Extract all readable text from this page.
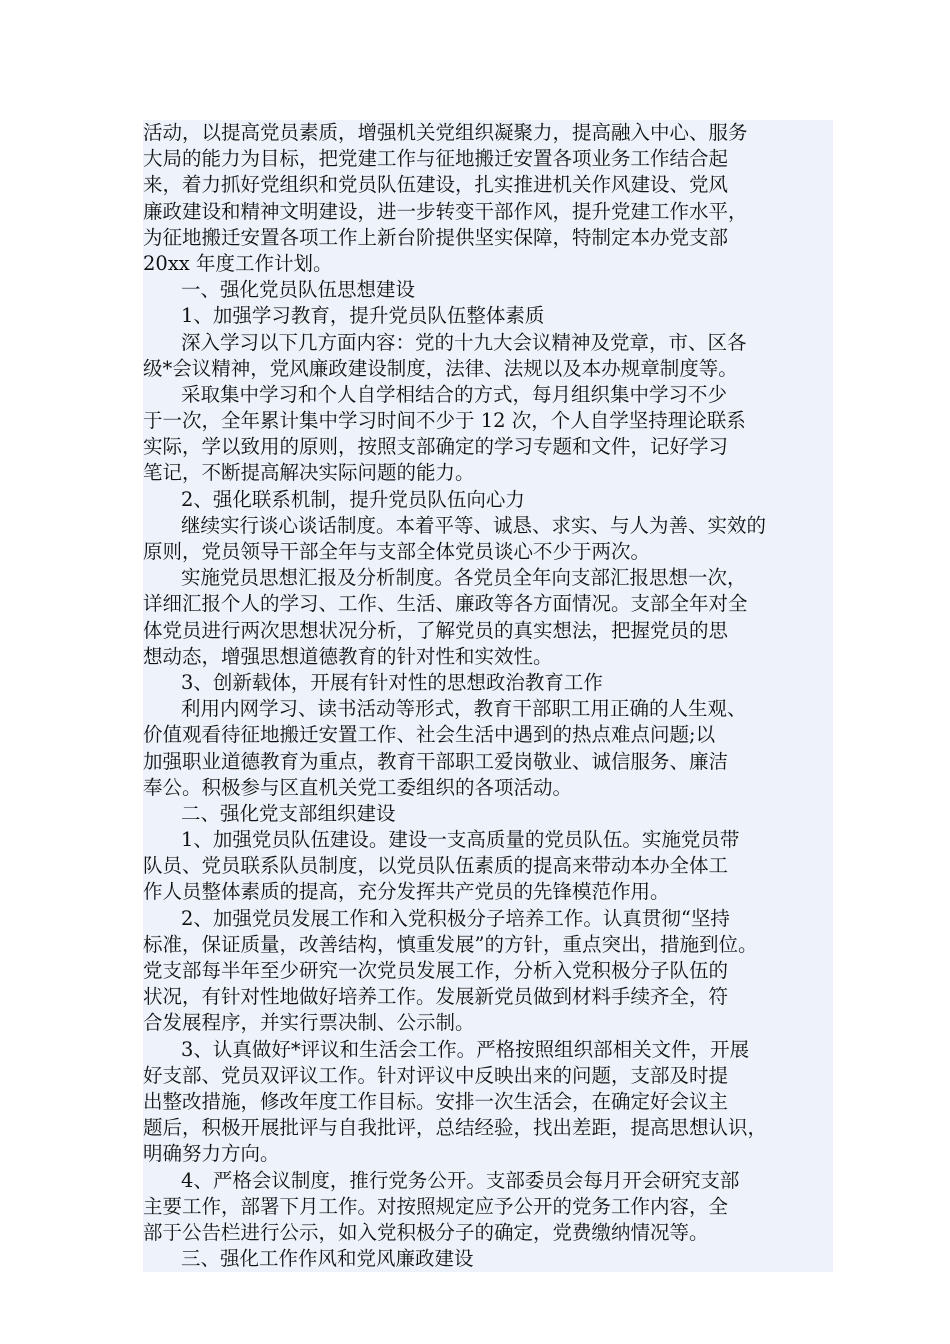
活动，以提高党员素质，增强机关党组织凝聚力，提高融入中心、服务
大局的能力为目标，把党建工作与征地搬迁安置各项业务工作结合起
来，着力抓好党组织和党员队伍建设，扎实推进机关作风建设、党风
廉政建设和精神文明建设，进一步转变干部作风，提升党建工作水平，
为征地搬迁安置各项工作上新台阶提供坚实保障，特制定本办党支部
20xx 年度工作计划。
一、强化党员队伍思想建设
1、加强学习教育，提升党员队伍整体素质
深入学习以下几方面内容：党的十九大会议精神及党章，市、区各
级*会议精神，党风廉政建设制度，法律、法规以及本办规章制度等。
采取集中学习和个人自学相结合的方式，每月组织集中学习不少
于一次，全年累计集中学习时间不少于 12 次，个人自学坚持理论联系
实际，学以致用的原则，按照支部确定的学习专题和文件，记好学习
笔记，不断提高解决实际问题的能力。
2、强化联系机制，提升党员队伍向心力
继续实行谈心谈话制度。本着平等、诚恳、求实、与人为善、实效的
原则，党员领导干部全年与支部全体党员谈心不少于两次。
实施党员思想汇报及分析制度。各党员全年向支部汇报思想一次，
详细汇报个人的学习、工作、生活、廉政等各方面情况。支部全年对全
体党员进行两次思想状况分析，了解党员的真实想法，把握党员的思
想动态，增强思想道德教育的针对性和实效性。
3、创新载体，开展有针对性的思想政治教育工作
利用内网学习、读书活动等形式，教育干部职工用正确的人生观、
价值观看待征地搬迁安置工作、社会生活中遇到的热点难点问题;以
加强职业道德教育为重点，教育干部职工爱岗敬业、诚信服务、廉洁
奉公。积极参与区直机关党工委组织的各项活动。
二、强化党支部组织建设
1、加强党员队伍建设。建设一支高质量的党员队伍。实施党员带
队员、党员联系队员制度，以党员队伍素质的提高来带动本办全体工
作人员整体素质的提高，充分发挥共产党员的先锋模范作用。
2、加强党员发展工作和入党积极分子培养工作。认真贯彻“坚持
标准，保证质量，改善结构，慎重发展”的方针，重点突出，措施到位。
党支部每半年至少研究一次党员发展工作，分析入党积极分子队伍的
状况，有针对性地做好培养工作。发展新党员做到材料手续齐全，符
合发展程序，并实行票决制、公示制。
3、认真做好*评议和生活会工作。严格按照组织部相关文件，开展
好支部、党员双评议工作。针对评议中反映出来的问题，支部及时提
出整改措施，修改年度工作目标。安排一次生活会，在确定好会议主
题后，积极开展批评与自我批评，总结经验，找出差距，提高思想认识，
明确努力方向。
4、严格会议制度，推行党务公开。支部委员会每月开会研究支部
主要工作，部署下月工作。对按照规定应予公开的党务工作内容，全
部于公告栏进行公示，如入党积极分子的确定，党费缴纳情况等。
三、强化工作作风和党风廉政建设
